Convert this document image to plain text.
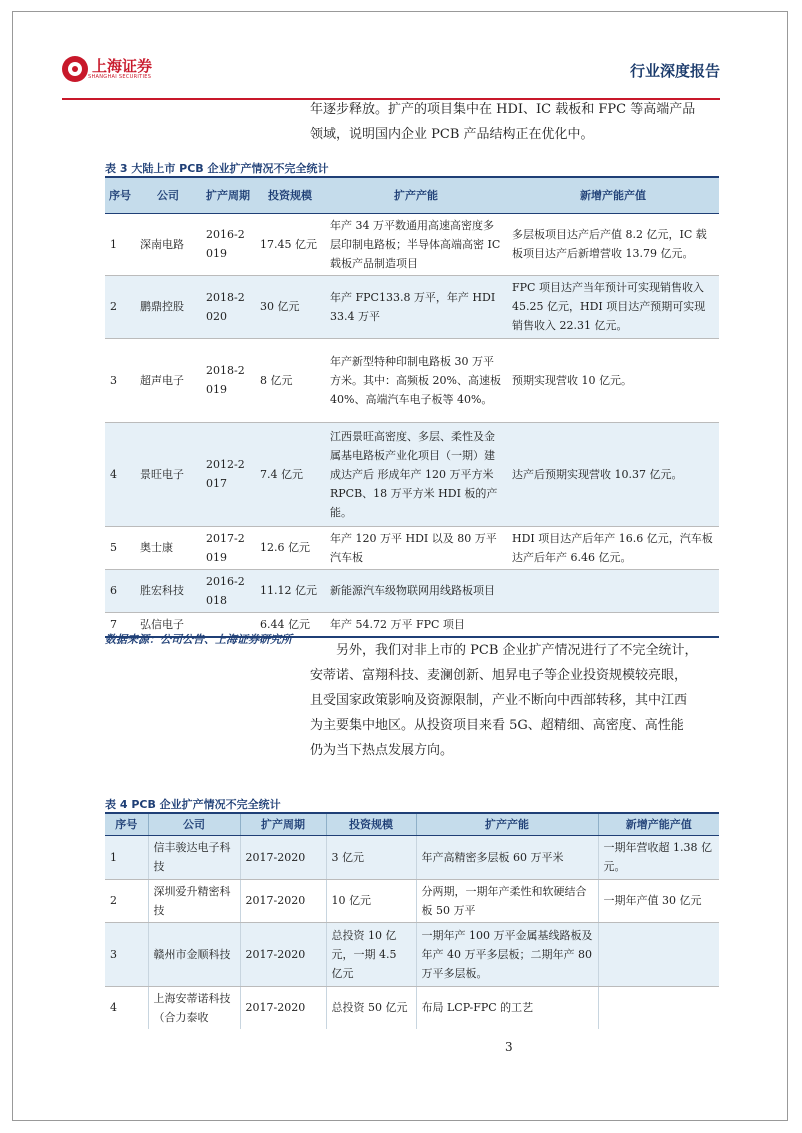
上海证券
SHANGHAI SECURITIES	行业深度报告

年逐步释放。扩产的项目集中在 HDI、IC 载板和 FPC 等高端产品

领域，说明国内企业 PCB 产品结构正在优化中。

表 3 大陆上市 PCB 企业扩产情况不完全统计
序号	公司	扩产周期	投资规模	扩产产能	新增产能产值
1	深南电路	2016-2019	17.45 亿元	年产 34 万平数通用高速高密度多层印制电路板；半导体高端高密 IC 载板产品制造项目	多层板项目达产后产值 8.2 亿元，IC 载板项目达产后新增营收 13.79 亿元。
2	鹏鼎控股	2018-2020	30 亿元	年产 FPC133.8 万平，年产 HDI33.4 万平	FPC 项目达产当年预计可实现销售收入 45.25 亿元，HDI 项目达产预期可实现销售收入 22.31 亿元。
3	超声电子	2018-2019	8 亿元	年产新型特种印制电路板 30 万平方米。其中：高频板 20%、高速板 40%、高端汽车电子板等 40%。	预期实现营收 10 亿元。
4	景旺电子	2012-2017	7.4 亿元	江西景旺高密度、多层、柔性及金属基电路板产业化项目（一期）建成达产后 形成年产 120 万平方米 RPCB、18 万平方米 HDI 板的产能。	达产后预期实现营收 10.37 亿元。
5	奥士康	2017-2019	12.6 亿元	年产 120 万平 HDI 以及 80 万平汽车板	HDI 项目达产后年产 16.6 亿元，汽车板达产后年产 6.46 亿元。
6	胜宏科技	2016-2018	11.12 亿元	新能源汽车级物联网用线路板项目	
7	弘信电子		6.44 亿元	年产 54.72 万平 FPC 项目	
数据来源：公司公告、上海证券研究所

另外，我们对非上市的 PCB 企业扩产情况进行了不完全统计，

安蒂诺、富翔科技、麦澜创新、旭昇电子等企业投资规模较亮眼，

且受国家政策影响及资源限制，产业不断向中西部转移，其中江西

为主要集中地区。从投资项目来看 5G、超精细、高密度、高性能

仍为当下热点发展方向。

表 4 PCB 企业扩产情况不完全统计
序号	公司	扩产周期	投资规模	扩产产能	新增产能产值
1	信丰骏达电子科技	2017-2020	3 亿元	年产高精密多层板 60 万平米	一期年营收超 1.38 亿元。
2	深圳爱升精密科技	2017-2020	10 亿元	分两期，一期年产柔性和软硬结合板 50 万平	一期年产值 30 亿元
3	赣州市金顺科技	2017-2020	总投资 10 亿元，一期 4.5 亿元	一期年产 100 万平金属基线路板及年产 40 万平多层板；二期年产 80 万平多层板。	
4	上海安蒂诺科技（合力泰收	2017-2020	总投资 50 亿元	布局 LCP-FPC 的工艺	
3
